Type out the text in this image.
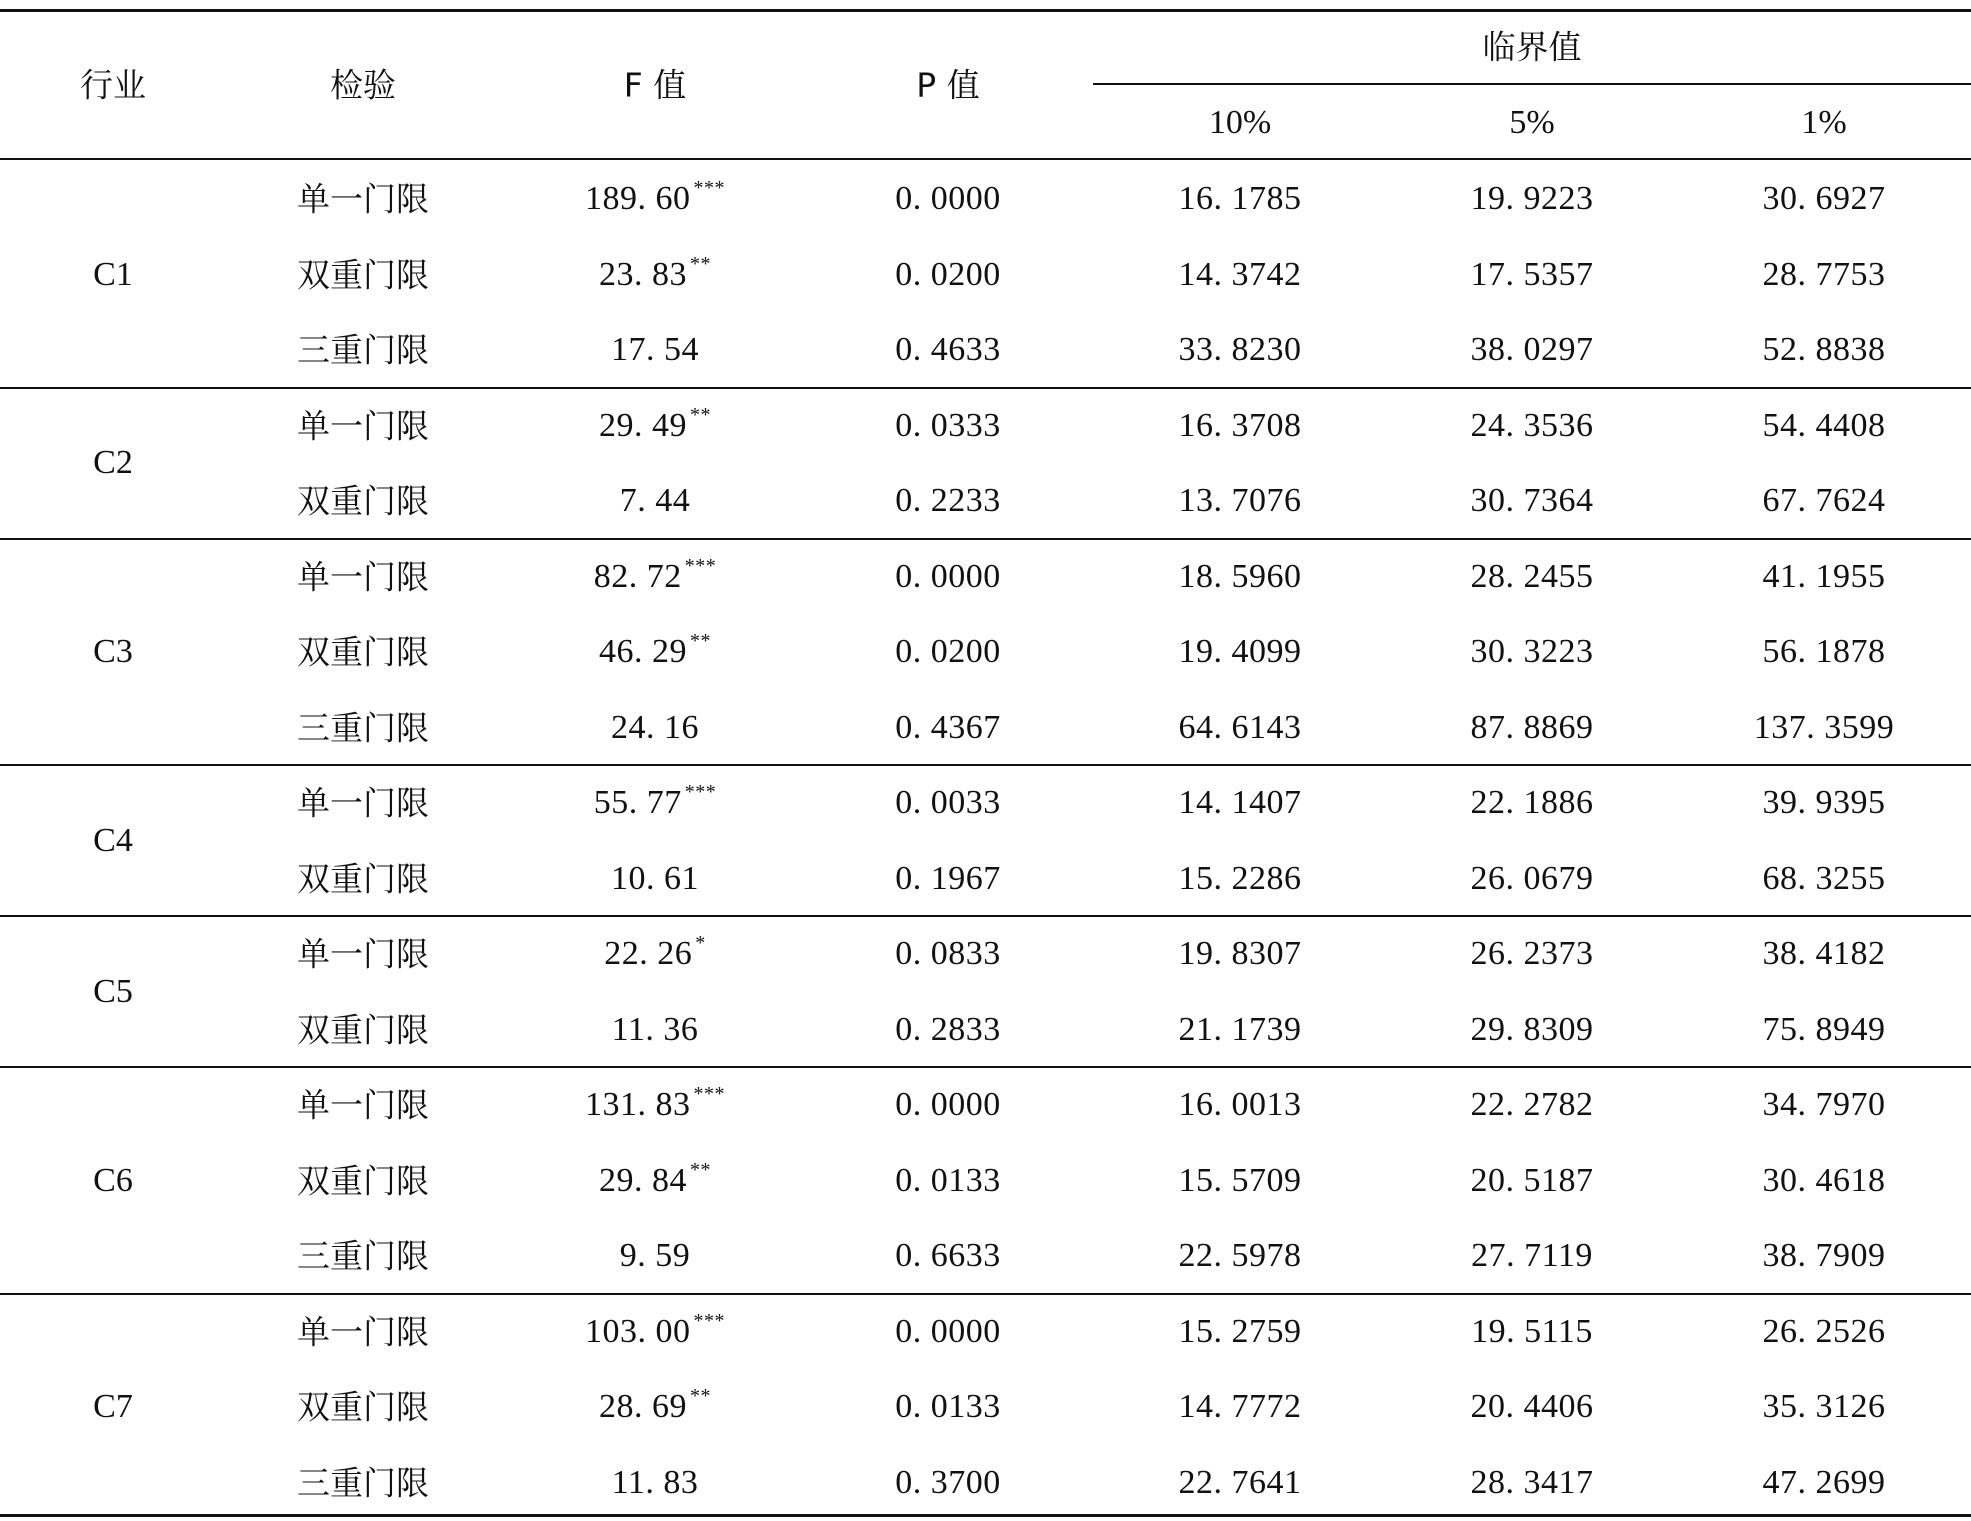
行业	检验	F 值	P 值
临界值
10%	5%	1%
C1
单一门限	189. 60 ***	0. 0000	16. 1785	19. 9223	30. 6927
双重门限	23. 83 **	0. 0200	14. 3742	17. 5357	28. 7753
三重门限	17. 54	0. 4633	33. 8230	38. 0297	52. 8838
C2
单一门限	29. 49 **	0. 0333	16. 3708	24. 3536	54. 4408
双重门限	7. 44	0. 2233	13. 7076	30. 7364	67. 7624
C3
单一门限	82. 72 ***	0. 0000	18. 5960	28. 2455	41. 1955
双重门限	46. 29 **	0. 0200	19. 4099	30. 3223	56. 1878
三重门限	24. 16	0. 4367	64. 6143	87. 8869	137. 3599
C4
单一门限	55. 77 ***	0. 0033	14. 1407	22. 1886	39. 9395
双重门限	10. 61	0. 1967	15. 2286	26. 0679	68. 3255
C5
单一门限	22. 26 *	0. 0833	19. 8307	26. 2373	38. 4182
双重门限	11. 36	0. 2833	21. 1739	29. 8309	75. 8949
C6
单一门限	131. 83 ***	0. 0000	16. 0013	22. 2782	34. 7970
双重门限	29. 84 **	0. 0133	15. 5709	20. 5187	30. 4618
三重门限	9. 59	0. 6633	22. 5978	27. 7119	38. 7909
C7
单一门限	103. 00 ***	0. 0000	15. 2759	19. 5115	26. 2526
双重门限	28. 69 **	0. 0133	14. 7772	20. 4406	35. 3126
三重门限	11. 83	0. 3700	22. 7641	28. 3417	47. 2699
